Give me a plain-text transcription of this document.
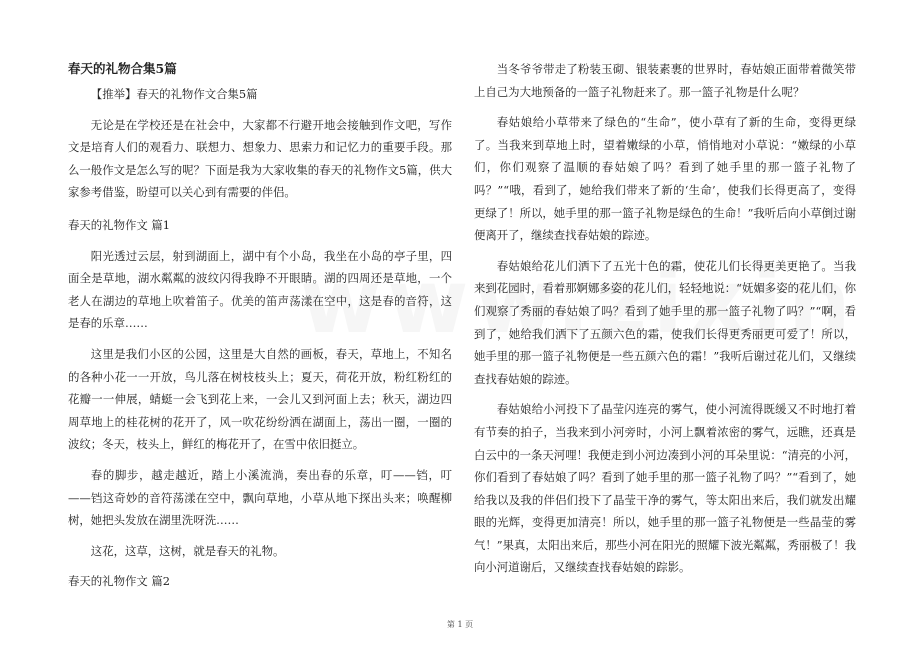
春天的礼物合集5篇

【推举】春天的礼物作文合集5篇

无论是在学校还是在社会中，大家都不行避开地会接触到作文吧，写作文是培育人们的观看力、联想力、想象力、思索力和记忆力的重要手段。那么一般作文是怎么写的呢？下面是我为大家收集的春天的礼物作文5篇，供大家参考借鉴，盼望可以关心到有需要的伴侣。

春天的礼物作文 篇1

阳光透过云层，射到湖面上，湖中有个小岛，我坐在小岛的亭子里，四面全是草地，湖水粼粼的波纹闪得我睁不开眼睛。湖的四周还是草地，一个老人在湖边的草地上吹着笛子。优美的笛声荡漾在空中，这是春的音符，这是春的乐章……

这里是我们小区的公园，这里是大自然的画板，春天，草地上，不知名的各种小花一一开放，鸟儿落在树枝枝头上；夏天，荷花开放，粉红粉红的花瓣一一伸展，蜻蜓一会飞到花上来，一会儿又到河面上去；秋天，湖边四周草地上的桂花树的花开了，风一吹花纷纷洒在湖面上，荡出一圈，一圈的波纹；冬天，枝头上，鲜红的梅花开了，在雪中依旧挺立。

春的脚步，越走越近，踏上小溪流淌，奏出春的乐章，叮——铛，叮——铛这奇妙的音符荡漾在空中，飘向草地，小草从地下探出头来；唤醒柳树，她把头发放在湖里洗呀洗……

这花，这草，这树，就是春天的礼物。

春天的礼物作文 篇2

当冬爷爷带走了粉装玉砌、银装素裹的世界时，春姑娘正面带着微笑带上自己为大地预备的一篮子礼物赶来了。那一篮子礼物是什么呢？

春姑娘给小草带来了绿色的“生命”，使小草有了新的生命，变得更绿了。当我来到草地上时，望着嫩绿的小草，悄悄地对小草说：“嫩绿的小草们，你们观察了温顺的春姑娘了吗？看到了她手里的那一篮子礼物了吗？”“哦，看到了，她给我们带来了新的‘生命’，使我们长得更高了，变得更绿了！所以，她手里的那一篮子礼物是绿色的生命！”我听后向小草倒过谢便离开了，继续查找春姑娘的踪迹。

春姑娘给花儿们洒下了五光十色的霜，使花儿们长得更美更艳了。当我来到花园时，看着那婀娜多姿的花儿们，轻轻地说：“妩媚多姿的花儿们，你们观察了秀丽的春姑娘了吗？看到了她手里的那一篮子礼物了吗？”“啊，看到了，她给我们洒下了五颜六色的霜，使我们长得更秀丽更可爱了！所以，她手里的那一篮子礼物便是一些五颜六色的霜！”我听后谢过花儿们，又继续查找春姑娘的踪迹。

春姑娘给小河投下了晶莹闪连亮的雾气，使小河流得既缓又不时地打着有节奏的拍子，当我来到小河旁时，小河上飘着浓密的雾气，远瞧，还真是白云中的一条天河哩！我便走到小河边凑到小河的耳朵里说：“清亮的小河，你们看到了春姑娘了吗？看到了她手里的那一篮子礼物了吗？”“看到了，她给我以及我的伴侣们投下了晶莹干净的雾气，等太阳出来后，我们就发出耀眼的光辉，变得更加清亮！所以，她手里的那一篮子礼物便是一些晶莹的雾气！”果真，太阳出来后，那些小河在阳光的照耀下波光粼粼，秀丽极了！我向小河道谢后，又继续查找春姑娘的踪影。

第 1 页
